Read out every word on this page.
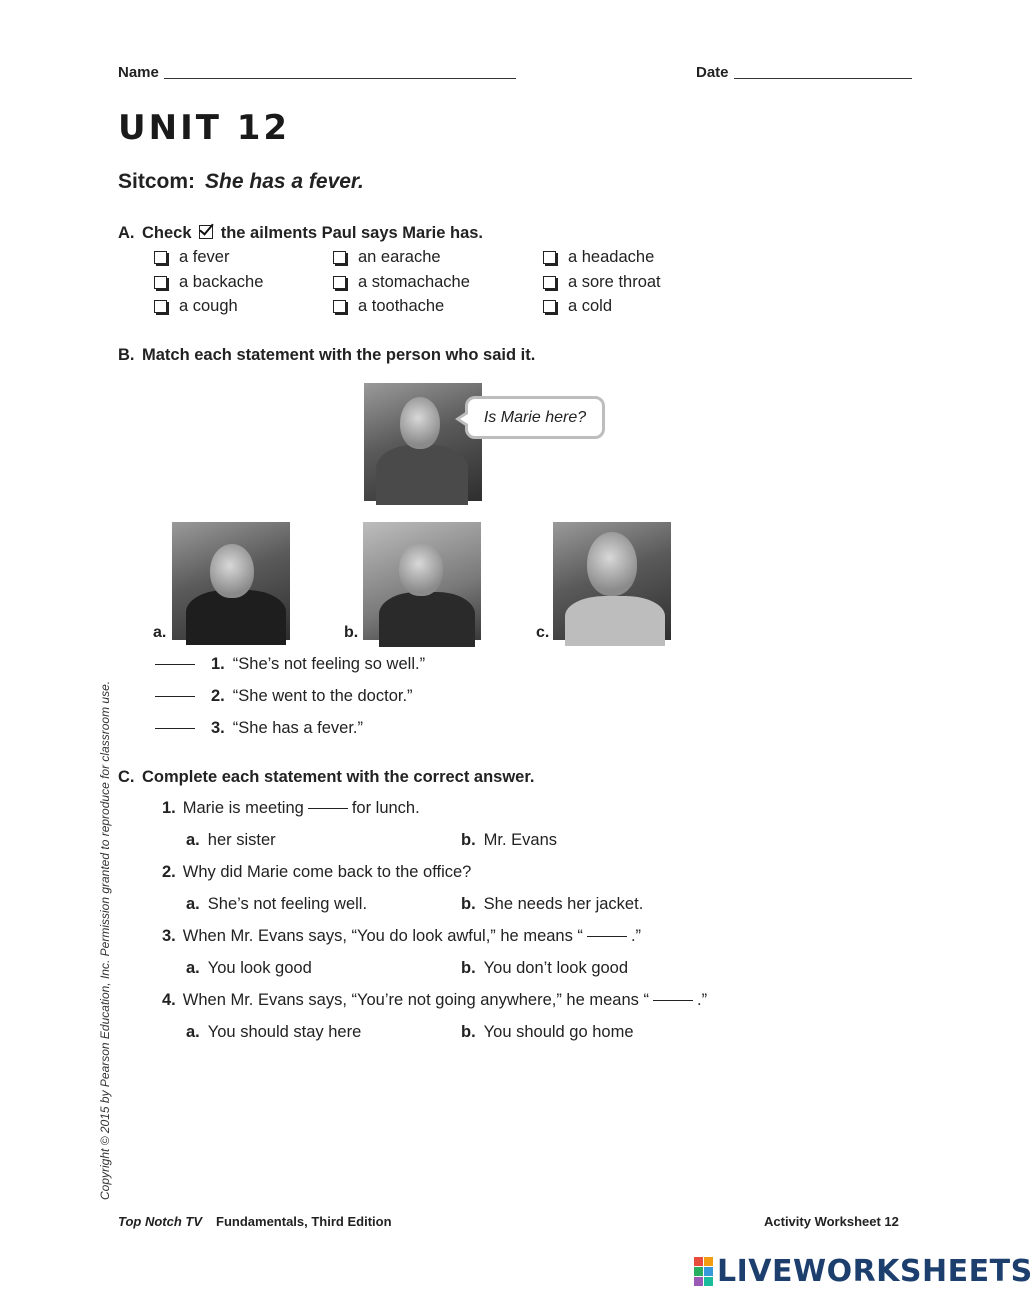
Name	Date
UNIT 12
Sitcom: She has a fever.
A. Check the ailments Paul says Marie has.
a fever	an earache	a headache
a backache	a stomachache	a sore throat
a cough	a toothache	a cold
B. Match each statement with the person who said it.
Is Marie here?
a.	b.	c.
1. “She’s not feeling so well.”
2. “She went to the doctor.”
3. “She has a fever.”
C. Complete each statement with the correct answer.
1. Marie is meeting	for lunch.
a. her sister	b. Mr. Evans
2. Why did Marie come back to the office?
a. She’s not feeling well.	b. She needs her jacket.
3. When Mr. Evans says, “You do look awful,” he means “	.”
a. You look good	b. You don’t look good
4. When Mr. Evans says, “You’re not going anywhere,” he means “	.”
a. You should stay here	b. You should go home
Copyright © 2015 by Pearson Education, Inc. Permission granted to reproduce for classroom use.
Top Notch TV Fundamentals, Third Edition	Activity Worksheet 12
LIVEWORKSHEETS
